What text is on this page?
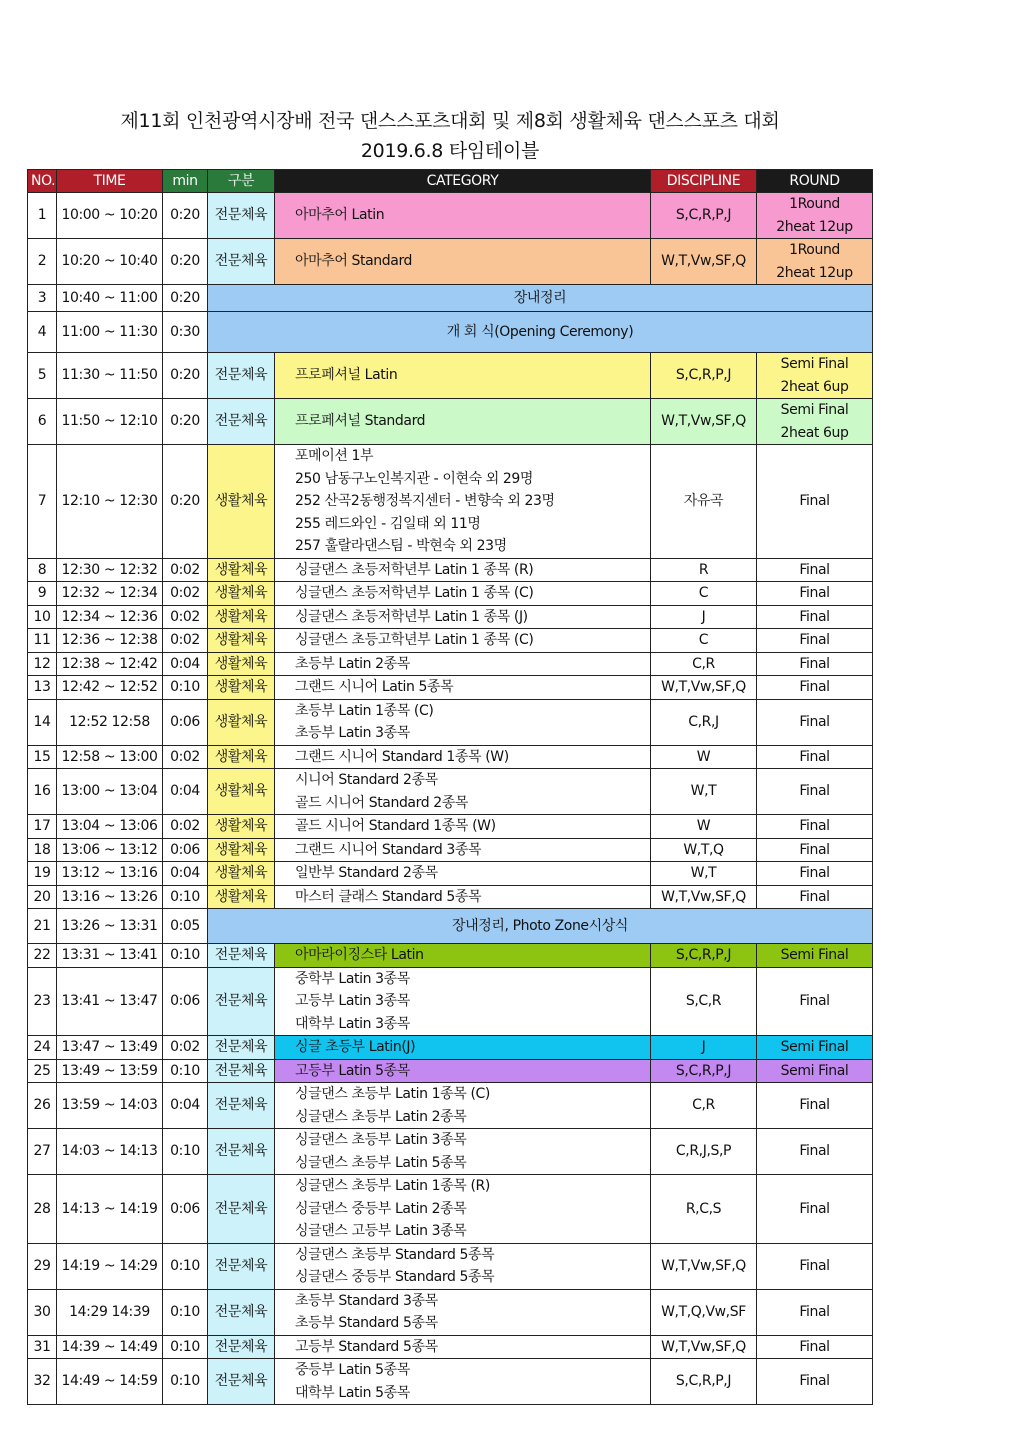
제11회 인천광역시장배 전국 댄스스포츠대회 및 제8회 생활체육 댄스스포츠 대회
2019.6.8 타임테이블
NO.	TIME	min	구분	CATEGORY	DISCIPLINE	ROUND
1	10:00 ~ 10:20	0:20	전문체육	아마추어 Latin	S,C,R,P,J	1Round
2heat 12up

2	10:20 ~ 10:40	0:20	전문체육	아마추어 Standard	W,T,Vw,SF,Q	1Round
2heat 12up

3	10:40 ~ 11:00	0:20	장내정리			
4	11:00 ~ 11:30	0:30	개 회 식(Opening Ceremony)			
5	11:30 ~ 11:50	0:20	전문체육	프로페셔널 Latin	S,C,R,P,J	Semi Final
2heat 6up

6	11:50 ~ 12:10	0:20	전문체육	프로페셔널 Standard	W,T,Vw,SF,Q	Semi Final
2heat 6up

7	12:10 ~ 12:30	0:20	생활체육	포메이션 1부
250 남동구노인복지관 - 이현숙 외 29명
252 산곡2동행정복지센터 - 변향숙 외 23명
255 레드와인 - 김일태 외 11명
257 훌랄라댄스팀 - 박현숙 외 23명	자유곡	Final

8	12:30 ~ 12:32	0:02	생활체육	싱글댄스 초등저학년부 Latin 1 종목 (R)	R	Final

9	12:32 ~ 12:34	0:02	생활체육	싱글댄스 초등저학년부 Latin 1 종목 (C)	C	Final

10	12:34 ~ 12:36	0:02	생활체육	싱글댄스 초등저학년부 Latin 1 종목 (J)	J	Final

11	12:36 ~ 12:38	0:02	생활체육	싱글댄스 초등고학년부 Latin 1 종목 (C)	C	Final

12	12:38 ~ 12:42	0:04	생활체육	초등부 Latin 2종목	C,R	Final

13	12:42 ~ 12:52	0:10	생활체육	그랜드 시니어 Latin 5종목	W,T,Vw,SF,Q	Final

14	12:52 12:58	0:06	생활체육	초등부 Latin 1종목 (C)
초등부 Latin 3종목	C,R,J	Final

15	12:58 ~ 13:00	0:02	생활체육	그랜드 시니어 Standard 1종목 (W)	W	Final

16	13:00 ~ 13:04	0:04	생활체육	시니어 Standard 2종목
골드 시니어 Standard 2종목	W,T	Final

17	13:04 ~ 13:06	0:02	생활체육	골드 시니어 Standard 1종목 (W)	W	Final

18	13:06 ~ 13:12	0:06	생활체육	그랜드 시니어 Standard 3종목	W,T,Q	Final

19	13:12 ~ 13:16	0:04	생활체육	일반부 Standard 2종목	W,T	Final

20	13:16 ~ 13:26	0:10	생활체육	마스터 클래스 Standard 5종목	W,T,Vw,SF,Q	Final

21	13:26 ~ 13:31	0:05	장내정리, Photo Zone시상식			
22	13:31 ~ 13:41	0:10	전문체육	아마라이징스타 Latin	S,C,R,P,J	Semi Final

23	13:41 ~ 13:47	0:06	전문체육	중학부 Latin 3종목
고등부 Latin 3종목
대학부 Latin 3종목	S,C,R	Final

24	13:47 ~ 13:49	0:02	전문체육	싱글 초등부 Latin(J)	J	Semi Final

25	13:49 ~ 13:59	0:10	전문체육	고등부 Latin 5종목	S,C,R,P,J	Semi Final

26	13:59 ~ 14:03	0:04	전문체육	싱글댄스 초등부 Latin 1종목 (C)
싱글댄스 초등부 Latin 2종목	C,R	Final

27	14:03 ~ 14:13	0:10	전문체육	싱글댄스 초등부 Latin 3종목
싱글댄스 초등부 Latin 5종목	C,R,J,S,P	Final

28	14:13 ~ 14:19	0:06	전문체육	싱글댄스 초등부 Latin 1종목 (R)
싱글댄스 중등부 Latin 2종목
싱글댄스 고등부 Latin 3종목	R,C,S	Final

29	14:19 ~ 14:29	0:10	전문체육	싱글댄스 초등부 Standard 5종목
싱글댄스 중등부 Standard 5종목	W,T,Vw,SF,Q	Final

30	14:29 14:39	0:10	전문체육	초등부 Standard 3종목
초등부 Standard 5종목	W,T,Q,Vw,SF	Final

31	14:39 ~ 14:49	0:10	전문체육	고등부 Standard 5종목	W,T,Vw,SF,Q	Final

32	14:49 ~ 14:59	0:10	전문체육	중등부 Latin 5종목
대학부 Latin 5종목	S,C,R,P,J	Final
